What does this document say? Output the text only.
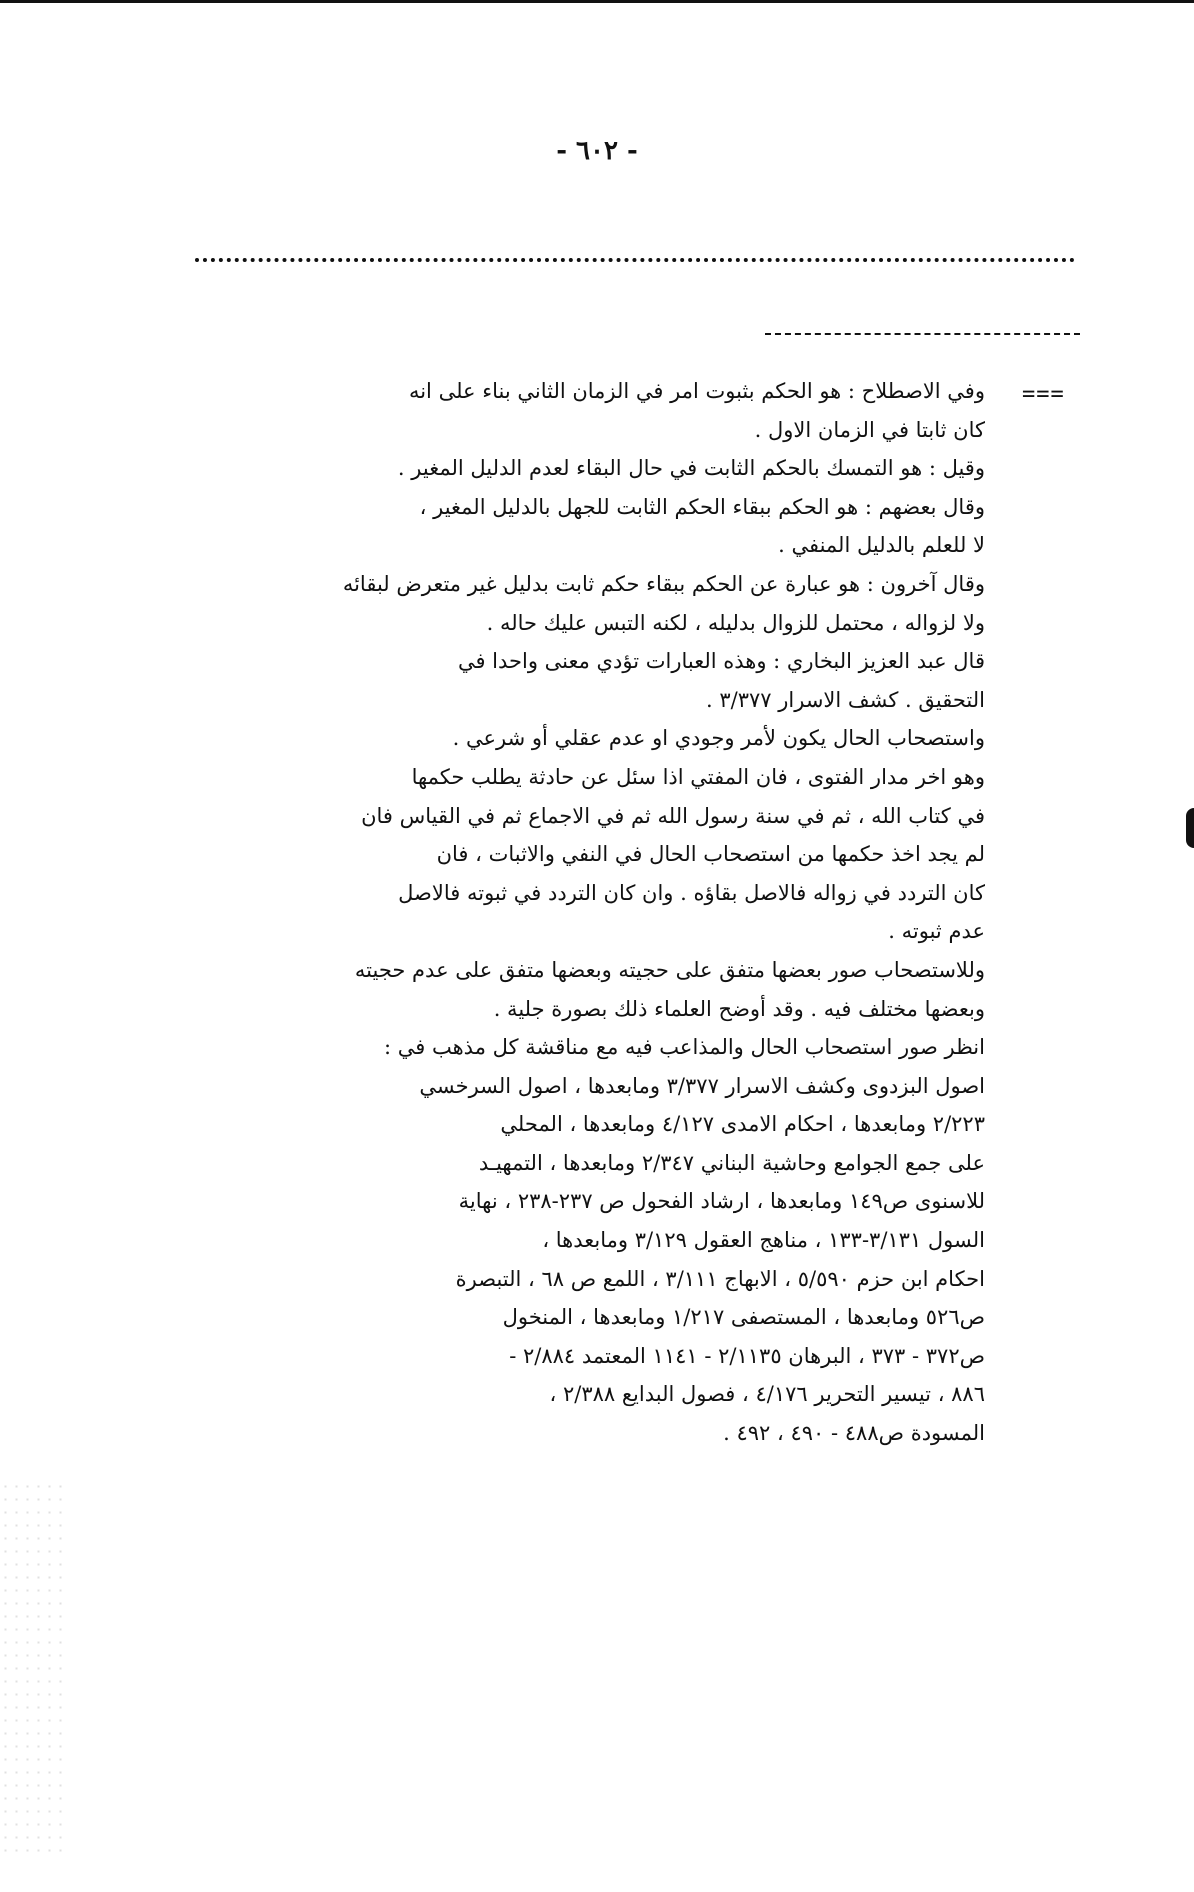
- ٦٠٢ -
===
وفي الاصطلاح : هو الحكم بثبوت امر في الزمان الثاني بناء على انه
كان ثابتا في الزمان الاول .
وقيل : هو التمسك بالحكم الثابت في حال البقاء لعدم الدليل المغير .
وقال بعضهم : هو الحكم ببقاء الحكم الثابت للجهل بالدليل المغير ،
لا للعلم بالدليل المنفي .
وقال آخرون : هو عبارة عن الحكم ببقاء حكم ثابت بدليل غير متعرض لبقائه
ولا لزواله ، محتمل للزوال بدليله ، لكنه التبس عليك حاله .
قال عبد العزيز البخاري : وهذه العبارات تؤدي معنى واحدا في
التحقيق . كشف الاسرار ٣/٣٧٧ .
واستصحاب الحال يكون لأمر وجودي او عدم عقلي أو شرعي .
وهو اخر مدار الفتوى ، فان المفتي اذا سئل عن حادثة يطلب حكمها
في كتاب الله ، ثم في سنة رسول الله ثم في الاجماع ثم في القياس فان
لم يجد اخذ حكمها من استصحاب الحال في النفي والاثبات ، فان
كان التردد في زواله فالاصل بقاؤه . وان كان التردد في ثبوته فالاصل
عدم ثبوته .
وللاستصحاب صور بعضها متفق على حجيته وبعضها متفق على عدم حجيته
وبعضها مختلف فيه . وقد أوضح العلماء ذلك بصورة جلية .
انظر صور استصحاب الحال والمذاعب فيه مع مناقشة كل مذهب في :
اصول البزدوى وكشف الاسرار ٣/٣٧٧ ومابعدها ، اصول السرخسي
٢/٢٢٣ ومابعدها ، احكام الامدى ٤/١٢٧ ومابعدها ، المحلي
على جمع الجوامع وحاشية البناني ٢/٣٤٧ ومابعدها ، التمهيـد
للاسنوى ص١٤٩ ومابعدها ، ارشاد الفحول ص ٢٣٧-٢٣٨ ، نهاية
السول ٣/١٣١-١٣٣ ، مناهج العقول ٣/١٢٩ ومابعدها ،
احكام ابن حزم ٥/٥٩٠ ، الابهاج ٣/١١١ ، اللمع ص ٦٨ ، التبصرة
ص٥٢٦ ومابعدها ، المستصفى ١/٢١٧ ومابعدها ، المنخول
ص٣٧٢ - ٣٧٣ ، البرهان ٢/١١٣٥ - ١١٤١ المعتمد ٢/٨٨٤ -
٨٨٦ ، تيسير التحرير ٤/١٧٦ ، فصول البدايع ٢/٣٨٨ ،
المسودة ص٤٨٨ - ٤٩٠ ، ٤٩٢ .
